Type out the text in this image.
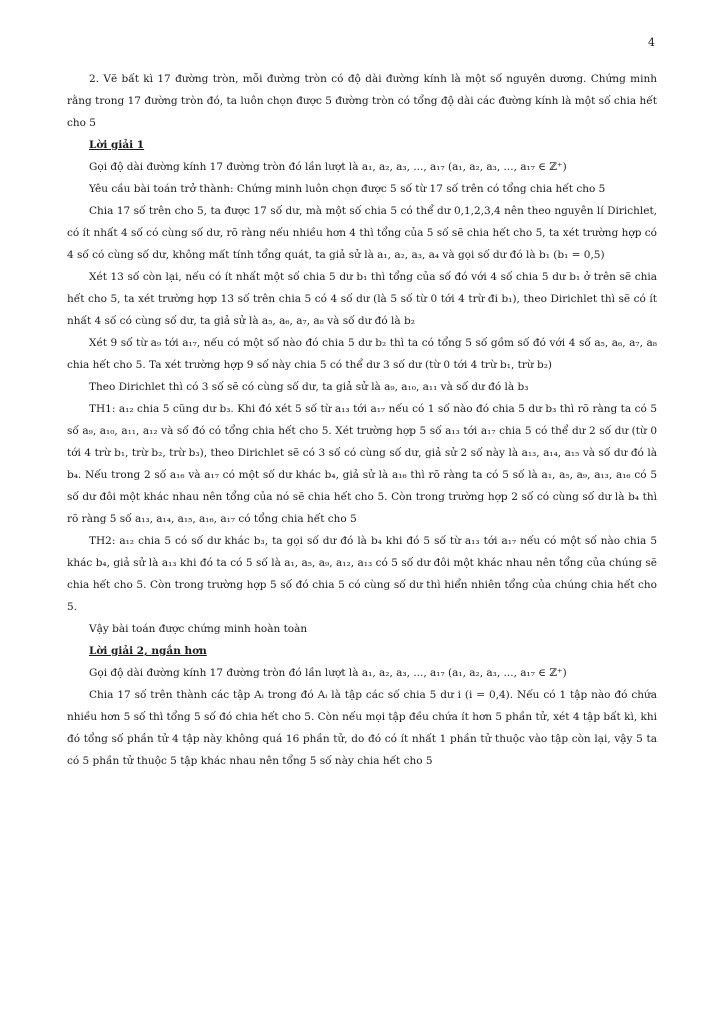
4

2. Vẽ bất kì 17 đường tròn, mỗi đường tròn có độ dài đường kính là một số nguyên dương. Chứng minh rằng trong 17 đường tròn đó, ta luôn chọn được 5 đường tròn có tổng độ dài các đường kính là một số chia hết cho 5

Lời giải 1

Gọi độ dài đường kính 17 đường tròn đó lần lượt là a₁, a₂, a₃, ..., a₁₇ (a₁, a₂, a₃, ..., a₁₇ ∈ ℤ⁺)

Yêu cầu bài toán trở thành: Chứng minh luôn chọn được 5 số từ 17 số trên có tổng chia hết cho 5

Chia 17 số trên cho 5, ta được 17 số dư, mà một số chia 5 có thể dư 0,1,2,3,4 nên theo nguyên lí Dirichlet, có ít nhất 4 số có cùng số dư, rõ ràng nếu nhiều hơn 4 thì tổng của 5 số sẽ chia hết cho 5, ta xét trường hợp có 4 số có cùng số dư, không mất tính tổng quát, ta giả sử là a₁, a₂, a₃, a₄ và gọi số dư đó là b₁ (b₁ = 0,5)

Xét 13 số còn lại, nếu có ít nhất một số chia 5 dư b₁ thì tổng của số đó với 4 số chia 5 dư b₁ ở trên sẽ chia hết cho 5, ta xét trường hợp 13 số trên chia 5 có 4 số dư (là 5 số từ 0 tới 4 trừ đi b₁), theo Dirichlet thì sẽ có ít nhất 4 số có cùng số dư, ta giả sử là a₅, a₆, a₇, a₈ và số dư đó là b₂

Xét 9 số từ a₉ tới a₁₇, nếu có một số nào đó chia 5 dư b₂ thì ta có tổng 5 số gồm số đó với 4 số a₅, a₆, a₇, a₈ chia hết cho 5. Ta xét trường hợp 9 số này chia 5 có thể dư 3 số dư (từ 0 tới 4 trừ b₁, trừ b₂)

Theo Dirichlet thì có 3 số sẽ có cùng số dư, ta giả sử là a₉, a₁₀, a₁₁ và số dư đó là b₃

TH1: a₁₂ chia 5 cũng dư b₃. Khi đó xét 5 số từ a₁₃ tới a₁₇ nếu có 1 số nào đó chia 5 dư b₃ thì rõ ràng ta có 5 số a₉, a₁₀, a₁₁, a₁₂ và số đó có tổng chia hết cho 5. Xét trường hợp 5 số a₁₃ tới a₁₇ chia 5 có thể dư 2 số dư (từ 0 tới 4 trừ b₁, trừ b₂, trừ b₃), theo Dirichlet sẽ có 3 số có cùng số dư, giả sử 2 số này là a₁₃, a₁₄, a₁₅ và số dư đó là b₄. Nếu trong 2 số a₁₆ và a₁₇ có một số dư khác b₄, giả sử là a₁₆ thì rõ ràng ta có 5 số là a₁, a₅, a₉, a₁₃, a₁₆ có 5 số dư đôi một khác nhau nên tổng của nó sẽ chia hết cho 5. Còn trong trường hợp 2 số có cùng số dư là b₄ thì rõ ràng 5 số a₁₃, a₁₄, a₁₅, a₁₆, a₁₇ có tổng chia hết cho 5

TH2: a₁₂ chia 5 có số dư khác b₃, ta gọi số dư đó là b₄ khi đó 5 số từ a₁₃ tới a₁₇ nếu có một số nào chia 5 khác b₄, giả sử là a₁₃ khi đó ta có 5 số là a₁, a₅, a₉, a₁₂, a₁₃ có 5 số dư đôi một khác nhau nên tổng của chúng sẽ chia hết cho 5. Còn trong trường hợp 5 số đó chia 5 có cùng số dư thì hiển nhiên tổng của chúng chia hết cho 5.

Vậy bài toán được chứng minh hoàn toàn

Lời giải 2, ngắn hơn

Gọi độ dài đường kính 17 đường tròn đó lần lượt là a₁, a₂, a₃, ..., a₁₇ (a₁, a₂, a₃, ..., a₁₇ ∈ ℤ⁺)

Chia 17 số trên thành các tập Aᵢ trong đó Aᵢ là tập các số chia 5 dư i (i = 0,4). Nếu có 1 tập nào đó chứa nhiều hơn 5 số thì tổng 5 số đó chia hết cho 5. Còn nếu mọi tập đều chứa ít hơn 5 phần tử, xét 4 tập bất kì, khi đó tổng số phần tử 4 tập này không quá 16 phần tử, do đó có ít nhất 1 phần tử thuộc vào tập còn lại, vậy 5 ta có 5 phần tử thuộc 5 tập khác nhau nên tổng 5 số này chia hết cho 5
